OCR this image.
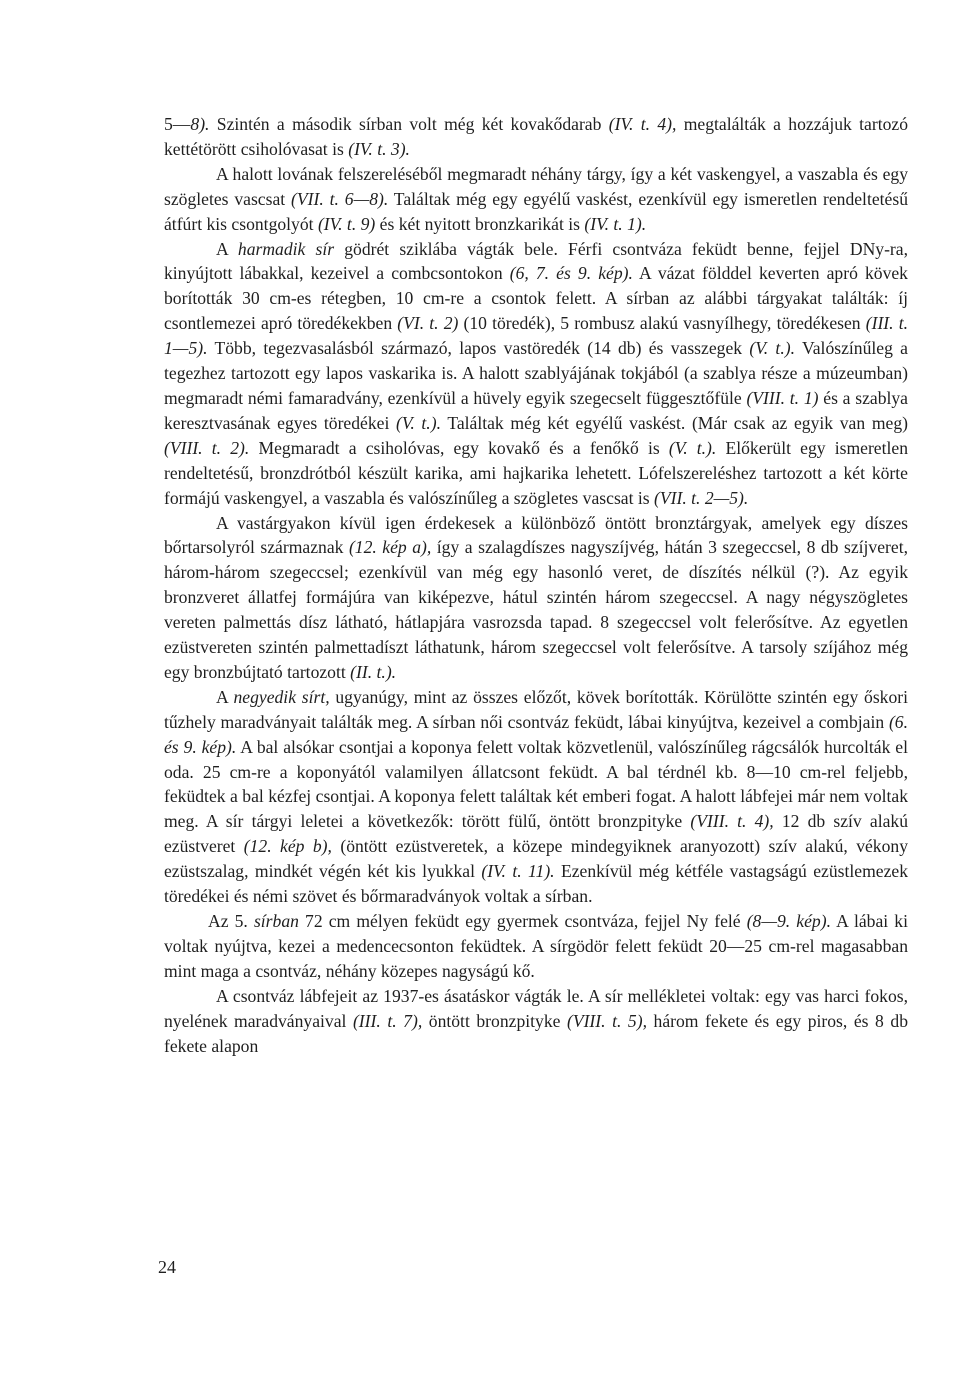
5—8). Szintén a második sírban volt még két kovakődarab (IV. t. 4), megtalálták a hozzájuk tartozó kettétörött csiholóvasat is (IV. t. 3).

A halott lovának felszereléséből megmaradt néhány tárgy, így a két vaskengyel, a vaszabla és egy szögletes vascsat (VII. t. 6—8). Találtak még egy egyélű vaskést, ezenkívül egy ismeretlen rendeltetésű átfúrt kis csontgolyót (IV. t. 9) és két nyitott bronzkarikát is (IV. t. 1).

A harmadik sír gödrét sziklába vágták bele. Férfi csontváza feküdt benne, fejjel DNy-ra, kinyújtott lábakkal, kezeivel a combcsontokon (6, 7. és 9. kép). A vázat földdel keverten apró kövek borították 30 cm-es rétegben, 10 cm-re a csontok felett. A sírban az alábbi tárgyakat találták: íj csontlemezei apró töredékekben (VI. t. 2) (10 töredék), 5 rombusz alakú vasnyílhegy, töredékesen (III. t. 1—5). Több, tegezvasalásból származó, lapos vastöredék (14 db) és vasszegek (V. t.). Valószínűleg a tegezhez tartozott egy lapos vaskarika is. A halott szablyájának tokjából (a szablya része a múzeumban) megmaradt némi famaradvány, ezenkívül a hüvely egyik szegecselt függesztőfüle (VIII. t. 1) és a szablya keresztvasának egyes töredékei (V. t.). Találtak még két egyélű vaskést. (Már csak az egyik van meg) (VIII. t. 2). Megmaradt a csiholóvas, egy kovakő és a fenőkő is (V. t.). Előkerült egy ismeretlen rendeltetésű, bronzdrótból készült karika, ami hajkarika lehetett. Lófelszereléshez tartozott a két körte formájú vaskengyel, a vaszabla és valószínűleg a szögletes vascsat is (VII. t. 2—5).

A vastárgyakon kívül igen érdekesek a különböző öntött bronztárgyak, amelyek egy díszes bőrtarsolyról származnak (12. kép a), így a szalagdíszes nagyszíjvég, hátán 3 szegeccsel, 8 db szíjveret, három-három szegeccsel; ezenkívül van még egy hasonló veret, de díszítés nélkül (?). Az egyik bronzveret állatfej formájúra van kiképezve, hátul szintén három szegeccsel. A nagy négyszögletes vereten palmettás dísz látható, hátlapjára vasrozsda tapad. 8 szegeccsel volt felerősítve. Az egyetlen ezüstvereten szintén palmettadíszt láthatunk, három szegeccsel volt felerősítve. A tarsoly szíjához még egy bronzbújtató tartozott (II. t.).

A negyedik sírt, ugyanúgy, mint az összes előzőt, kövek borították. Körülötte szintén egy őskori tűzhely maradványait találták meg. A sírban női csontváz feküdt, lábai kinyújtva, kezeivel a combjain (6. és 9. kép). A bal alsókar csontjai a koponya felett voltak közvetlenül, valószínűleg rágcsálók hurcolták el oda. 25 cm-re a koponyától valamilyen állatcsont feküdt. A bal térdnél kb. 8—10 cm-rel feljebb, feküdtek a bal kézfej csontjai. A koponya felett találtak két emberi fogat. A halott lábfejei már nem voltak meg. A sír tárgyi leletei a következők: törött fülű, öntött bronzpityke (VIII. t. 4), 12 db szív alakú ezüstveret (12. kép b), (öntött ezüstveretek, a közepe mindegyiknek aranyozott) szív alakú, vékony ezüstszalag, mindkét végén két kis lyukkal (IV. t. 11). Ezenkívül még kétféle vastagságú ezüstlemezek töredékei és némi szövet és bőrmaradványok voltak a sírban.

Az 5. sírban 72 cm mélyen feküdt egy gyermek csontváza, fejjel Ny felé (8—9. kép). A lábai ki voltak nyújtva, kezei a medencecsonton feküdtek. A sírgödör felett feküdt 20—25 cm-rel magasabban mint maga a csontváz, néhány közepes nagyságú kő.

A csontváz lábfejeit az 1937-es ásatáskor vágták le. A sír mellékletei voltak: egy vas harci fokos, nyelének maradványaival (III. t. 7), öntött bronzpityke (VIII. t. 5), három fekete és egy piros, és 8 db fekete alapon

24
